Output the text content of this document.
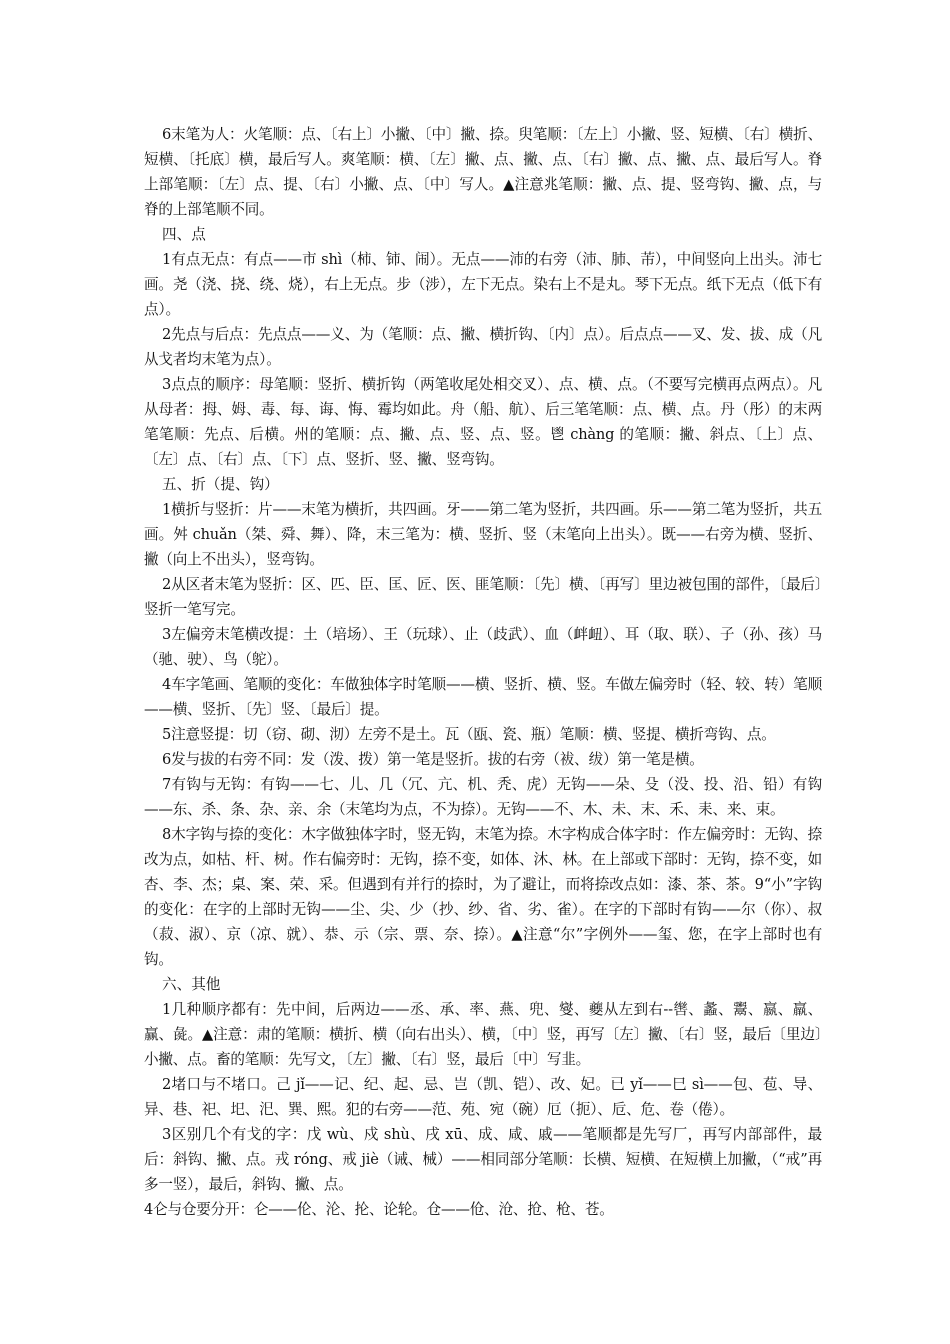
6末笔为人：火笔顺：点、〔右上〕小撇、〔中〕撇、捺。臾笔顺：〔左上〕小撇、竖、短横、〔右〕横折、短横、〔托底〕横，最后写人。爽笔顺：横、〔左〕撇、点、撇、点、〔右〕撇、点、撇、点、最后写人。脊上部笔顺：〔左〕点、提、〔右〕小撇、点、〔中〕写人。▲注意兆笔顺：撇、点、提、竖弯钩、撇、点，与脊的上部笔顺不同。

四、点

1有点无点：有点——市 shì（柿、铈、闹）。无点——沛的右旁（沛、肺、芾），中间竖向上出头。沛七画。尧（浇、挠、绕、烧），右上无点。步（涉），左下无点。染右上不是丸。琴下无点。纸下无点（低下有点）。

2先点与后点：先点点——义、为（笔顺：点、撇、横折钩、〔内〕点）。后点点——叉、发、拔、成（凡从戈者均末笔为点）。

3点点的顺序：母笔顺：竖折、横折钩（两笔收尾处相交叉）、点、横、点。（不要写完横再点两点）。凡从母者：拇、姆、毒、每、诲、悔、霉均如此。舟（船、航）、后三笔笔顺：点、横、点。丹（彤）的末两笔笔顺：先点、后横。州的笔顺：点、撇、点、竖、点、竖。鬯 chàng 的笔顺：撇、斜点、〔上〕点、〔左〕点、〔右〕点、〔下〕点、竖折、竖、撇、竖弯钩。

五、折（提、钩）

1横折与竖折：片——末笔为横折，共四画。牙——第二笔为竖折，共四画。乐——第二笔为竖折，共五画。舛 chuǎn（桀、舜、舞）、降，末三笔为：横、竖折、竖（末笔向上出头）。既——右旁为横、竖折、撇（向上不出头），竖弯钩。

2从区者末笔为竖折：区、匹、臣、匡、匠、医、匪笔顺：〔先〕横、〔再写〕里边被包围的部件，〔最后〕竖折一笔写完。

3左偏旁末笔横改提：土（培场）、王（玩球）、止（歧武）、血（衅衄）、耳（取、联）、子（孙、孩）马（驰、驶）、鸟（鸵）。

4车字笔画、笔顺的变化：车做独体字时笔顺——横、竖折、横、竖。车做左偏旁时（轻、较、转）笔顺——横、竖折、〔先〕竖、〔最后〕提。

5注意竖提：切（窃、砌、沏）左旁不是土。瓦（瓯、瓷、瓶）笔顺：横、竖提、横折弯钩、点。

6发与拔的右旁不同：发（泼、拨）第一笔是竖折。拔的右旁（袚、绂）第一笔是横。

7有钩与无钩：有钩——七、儿、几（冗、亢、机、秃、虎）无钩——朵、殳（没、投、沿、铅）有钩——东、杀、条、杂、亲、余（末笔均为点，不为捺）。无钩——不、木、未、末、禾、耒、来、束。

8木字钩与捺的变化：木字做独体字时，竖无钩，末笔为捺。木字构成合体字时：作左偏旁时：无钩、捺改为点，如枯、杆、树。作右偏旁时：无钩，捺不变，如体、沐、林。在上部或下部时：无钩，捺不变，如杏、李、杰；桌、案、荣、采。但遇到有并行的捺时，为了避让，而将捺改点如：漆、茶、茶。9“小”字钩的变化：在字的上部时无钩——尘、尖、少（抄、纱、省、劣、雀）。在字的下部时有钩——尔（你）、叔（菽、淑）、京（凉、就）、恭、示（宗、票、奈、捺）。▲注意“尔”字例外——玺、您，在字上部时也有钩。

六、其他

1几种顺序都有：先中间，后两边——丞、承、率、燕、兜、燮、夔从左到右--辔、蠡、鬻、嬴、羸、赢、彘。▲注意：肃的笔顺：横折、横（向右出头）、横，〔中〕竖，再写〔左〕撇、〔右〕竖，最后〔里边〕小撇、点。畜的笔顺：先写文，〔左〕撇、〔右〕竖，最后〔中〕写韭。

2堵口与不堵口。己 jǐ——记、纪、起、忌、岂（凯、铠）、改、妃。已 yǐ——巳 sì——包、苞、导、异、巷、祀、圯、汜、巽、熙。犯的右旁——范、苑、宛（碗）厄（扼）、卮、危、卷（倦）。

3区别几个有戈的字：戊 wù、戍 shù、戌 xū、成、咸、戚——笔顺都是先写厂，再写内部部件，最后：斜钩、撇、点。戎 róng、戒 jiè（诫、械）——相同部分笔顺：长横、短横、在短横上加撇，（“戒”再多一竖），最后，斜钩、撇、点。

4仑与仓要分开：仑——伦、沦、抡、论轮。仓——伧、沧、抢、枪、苍。
